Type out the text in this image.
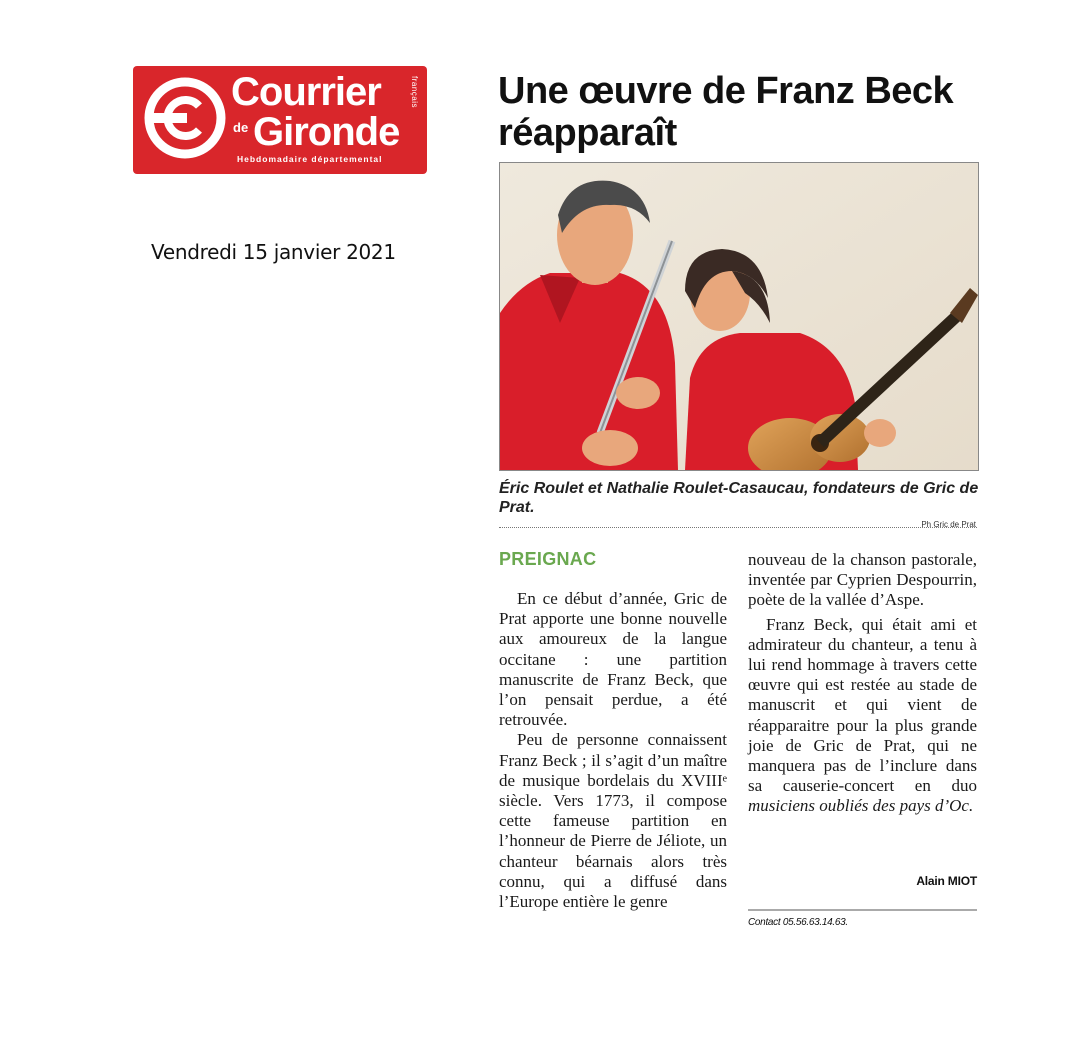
Courrier
de Gironde
français
Hebdomadaire départemental
Vendredi 15 janvier 2021
Une œuvre de Franz Beck réapparaît
Éric Roulet et Nathalie Roulet-Casaucau, fondateurs de Gric de Prat.
Ph Gric de Prat
PREIGNAC

En ce début d’année, Gric de Prat apporte une bonne nouvelle aux amoureux de la langue occitane : une partition manuscrite de Franz Beck, que l’on pensait perdue, a été retrouvée.

Peu de personne connaissent Franz Beck ; il s’agit d’un maître de musique bordelais du XVIIIᵉ siècle. Vers 1773, il compose cette fameuse partition en l’honneur de Pierre de Jéliote, un chanteur béarnais alors très connu, qui a diffusé dans l’Europe entière le genre

nouveau de la chanson pastorale, inventée par Cyprien Despourrin, poète de la vallée d’Aspe.

Franz Beck, qui était ami et admirateur du chanteur, a tenu à lui rend hommage à travers cette œuvre qui est restée au stade de manuscrit et qui vient de réapparaitre pour la plus grande joie de Gric de Prat, qui ne manquera pas de l’inclure dans sa causerie-concert en duo musiciens oubliés des pays d’Oc.

Alain MIOT
Contact 05.56.63.14.63.
